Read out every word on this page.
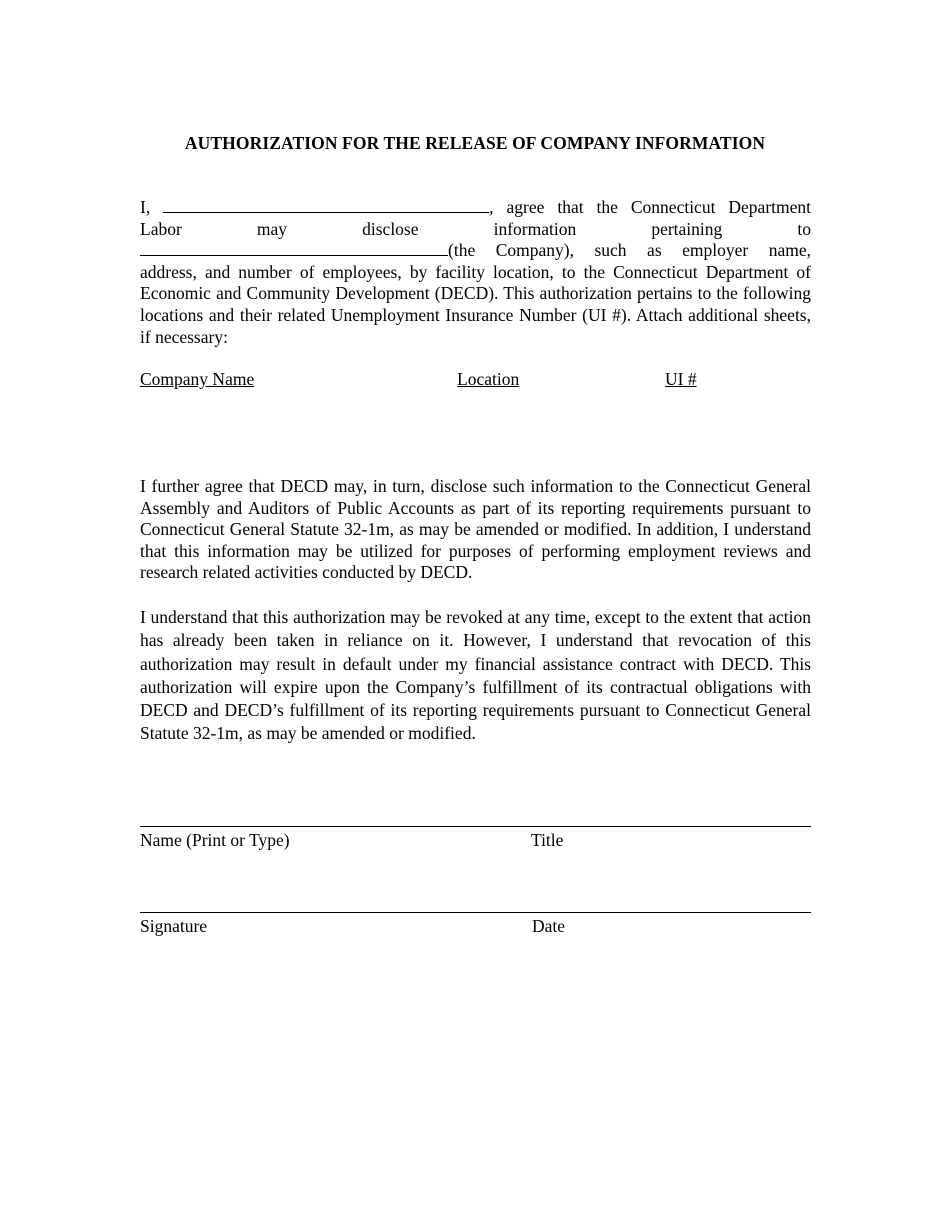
AUTHORIZATION FOR THE RELEASE OF COMPANY INFORMATION
I,	, agree that the Connecticut Department
Labor	may	disclose	information	pertaining	to
(the Company), such as employer name,
address, and number of employees, by facility location, to the Connecticut Department of Economic and Community Development (DECD). This authorization pertains to the following locations and their related Unemployment Insurance Number (UI #). Attach additional sheets, if necessary:
Company Name	Location	UI #
I further agree that DECD may, in turn, disclose such information to the Connecticut General Assembly and Auditors of Public Accounts as part of its reporting requirements pursuant to Connecticut General Statute 32-1m, as may be amended or modified. In addition, I understand that this information may be utilized for purposes of performing employment reviews and research related activities conducted by DECD.
I understand that this authorization may be revoked at any time, except to the extent that action has already been taken in reliance on it. However, I understand that revocation of this authorization may result in default under my financial assistance contract with DECD. This authorization will expire upon the Company’s fulfillment of its contractual obligations with DECD and DECD’s fulfillment of its reporting requirements pursuant to Connecticut General Statute 32-1m, as may be amended or modified.
Name (Print or Type)	Title
Signature	Date
